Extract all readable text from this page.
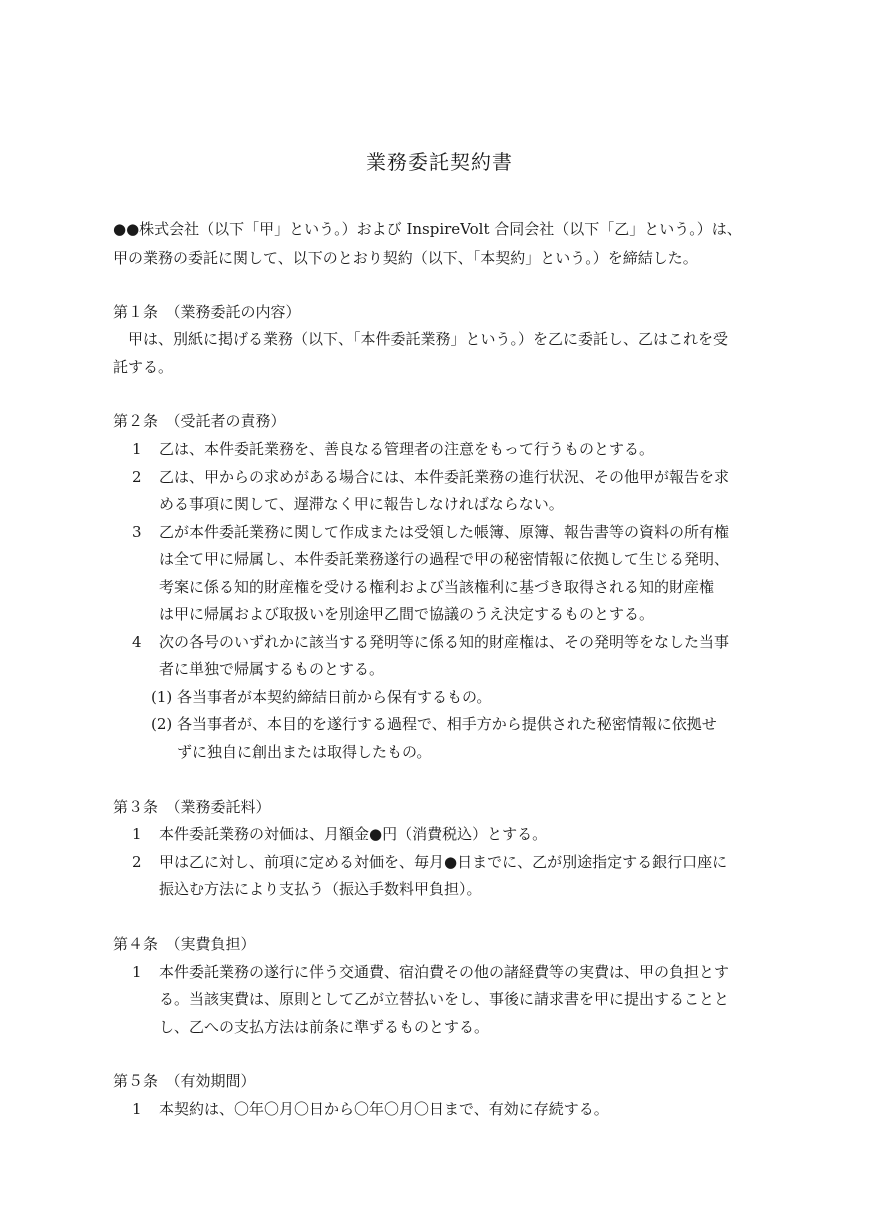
業務委託契約書
●●株式会社（以下「甲」という。）および InspireVolt 合同会社（以下「乙」という。）は、
甲の業務の委託に関して、以下のとおり契約（以下、「本契約」という。）を締結した。
第１条　（業務委託の内容）
甲は、別紙に掲げる業務（以下、「本件委託業務」という。）を乙に委託し、乙はこれを受
託する。
第２条　（受託者の責務）
1 乙は、本件委託業務を、善良なる管理者の注意をもって行うものとする。
2 乙は、甲からの求めがある場合には、本件委託業務の進行状況、その他甲が報告を求
める事項に関して、遅滞なく甲に報告しなければならない。
3 乙が本件委託業務に関して作成または受領した帳簿、原簿、報告書等の資料の所有権
は全て甲に帰属し、本件委託業務遂行の過程で甲の秘密情報に依拠して生じる発明、
考案に係る知的財産権を受ける権利および当該権利に基づき取得される知的財産権
は甲に帰属および取扱いを別途甲乙間で協議のうえ決定するものとする。
4 次の各号のいずれかに該当する発明等に係る知的財産権は、その発明等をなした当事
者に単独で帰属するものとする。
(1) 各当事者が本契約締結日前から保有するもの。
(2) 各当事者が、本目的を遂行する過程で、相手方から提供された秘密情報に依拠せ
ずに独自に創出または取得したもの。
第３条　（業務委託料）
1 本件委託業務の対価は、月額金●円（消費税込）とする。
2 甲は乙に対し、前項に定める対価を、毎月●日までに、乙が別途指定する銀行口座に
振込む方法により支払う（振込手数料甲負担）。
第４条　（実費負担）
1 本件委託業務の遂行に伴う交通費、宿泊費その他の諸経費等の実費は、甲の負担とす
る。当該実費は、原則として乙が立替払いをし、事後に請求書を甲に提出することと
し、乙への支払方法は前条に準ずるものとする。
第５条　（有効期間）
1 本契約は、〇年〇月〇日から〇年〇月〇日まで、有効に存続する。
